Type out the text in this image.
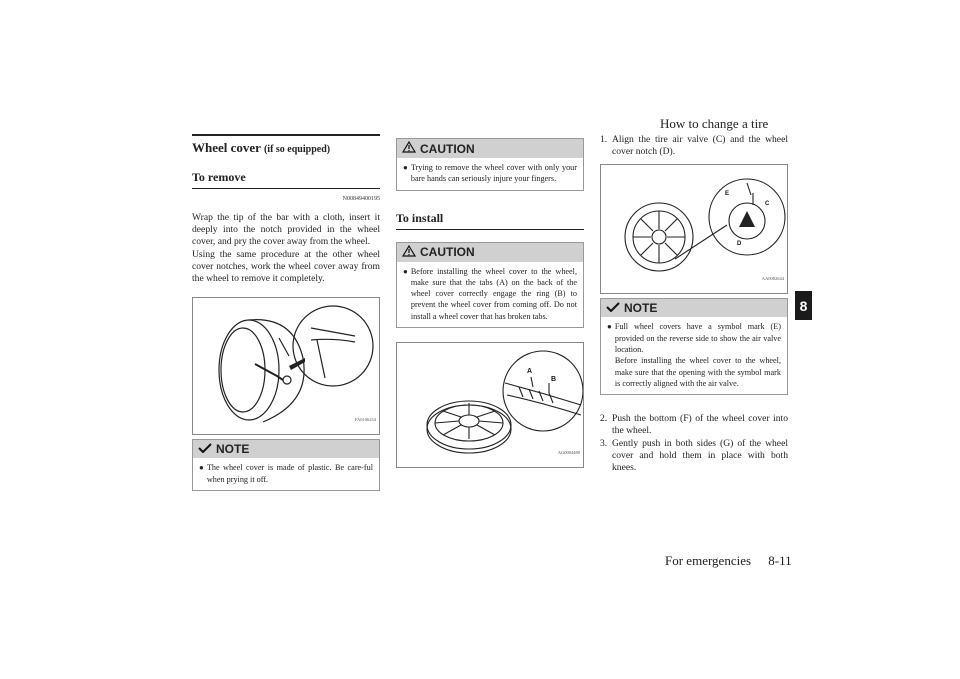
How to change a tire
8
For emergencies 8-11
Wheel cover (if so equipped)
To remove
N00849400195
Wrap the tip of the bar with a cloth, insert it deeply into the notch provided in the wheel cover, and pry the cover away from the wheel.
Using the same procedure at the other wheel cover notches, work the wheel cover away from the wheel to remove it completely.
FA0106254
NOTE
● The wheel cover is made of plastic. Be care-ful when prying it off.
CAUTION
● Trying to remove the wheel cover with only your bare hands can seriously injure your fingers.
To install
CAUTION
● Before installing the wheel cover to the wheel, make sure that the tabs (A) on the back of the wheel cover correctly engage the ring (B) to prevent the wheel cover from coming off. Do not install a wheel cover that has broken tabs.
A
B
AG0004480
1. Align the tire air valve (C) and the wheel cover notch (D).
E
C
D
AA0082644
NOTE
● Full wheel covers have a symbol mark (E) provided on the reverse side to show the air valve location.
Before installing the wheel cover to the wheel, make sure that the opening with the symbol mark is correctly aligned with the air valve.
2. Push the bottom (F) of the wheel cover into the wheel.
3. Gently push in both sides (G) of the wheel cover and hold them in place with both knees.
